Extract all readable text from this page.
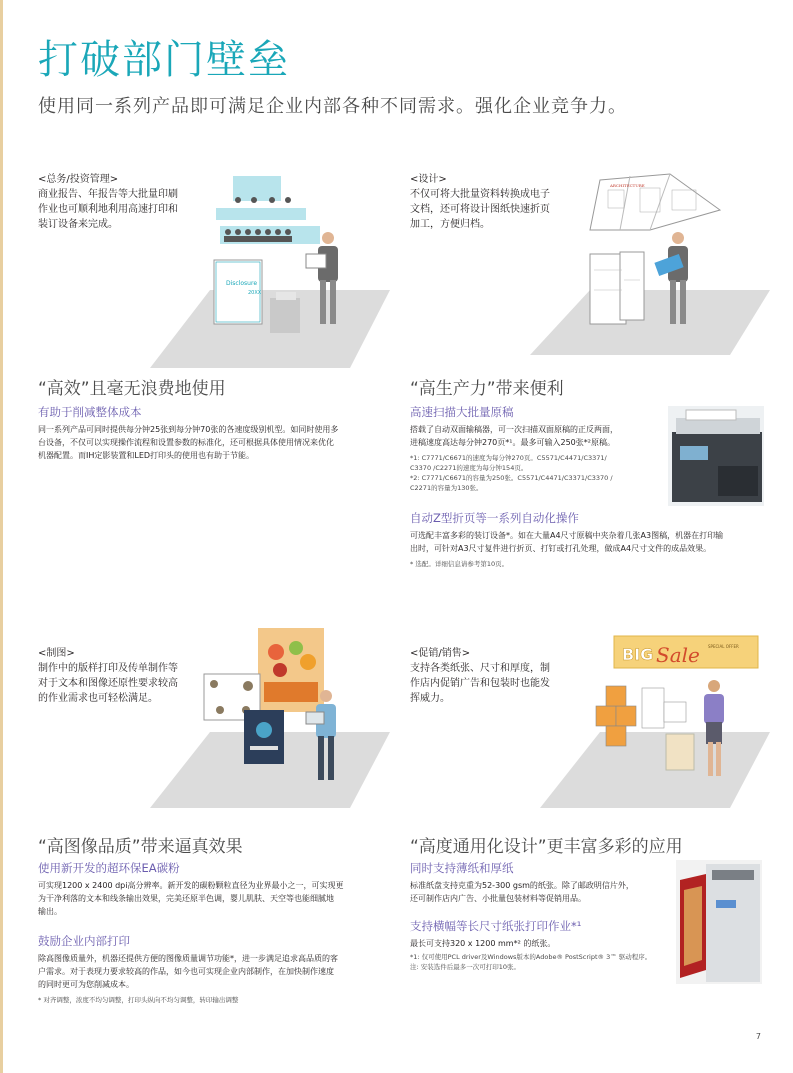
打破部门壁垒
使用同一系列产品即可满足企业内部各种不同需求。强化企业竞争力。
<总务/投资管理>
商业报告、年报告等大批量印刷
作业也可顺利地利用高速打印和
装订设备来完成。
Disclosure
20XX
<设计>
不仅可将大批量资料转换成电子
文档，还可将设计图纸快速折页
加工，方便归档。
ARCHITECTURE
“高效”且毫无浪费地使用
有助于削减整体成本
同一系列产品可同时提供每分钟25张到每分钟70张的各速度级别机型。如同时使用多
台设备，不仅可以实现操作流程和设置参数的标准化，还可根据具体使用情况来优化
机器配置。而IH定影装置和LED打印头的使用也有助于节能。
“高生产力”带来便利
高速扫描大批量原稿
搭载了自动双面输稿器，可一次扫描双面原稿的正反两面，
进稿速度高达每分钟270页*¹。最多可输入250张*²原稿。
*1: C7771/C6671的速度为每分钟270页。C5571/C4471/C3371/
C3370 /C2271的速度为每分钟154页。
*2: C7771/C6671的容量为250张。C5571/C4471/C3371/C3370 /
C2271的容量为130张。
自动Z型折页等一系列自动化操作
可选配丰富多彩的装订设备*。如在大量A4尺寸原稿中夹杂着几张A3图稿，机器在打印输
出时，可针对A3尺寸复件进行折页、打钉或打孔处理，做成A4尺寸文件的成品效果。
* 选配。详细信息请参考第10页。
<制图>
制作中的版样打印及传单制作等
对于文本和图像还原性要求较高
的作业需求也可轻松满足。
<促销/销售>
支持各类纸张、尺寸和厚度，制
作店内促销广告和包装时也能发
挥威力。
BIG Sale SPECIAL OFFER
“高图像品质”带来逼真效果
使用新开发的超环保EA碳粉
可实现1200 x 2400 dpi高分辨率。新开发的碳粉颗粒直径为业界最小之一，可实现更
为干净利落的文本和线条输出效果，完美还原半色调，婴儿肌肤、天空等也能细腻地
输出。
鼓励企业内部打印
除高图像质量外，机器还提供方便的图像质量调节功能*，进一步满足追求高品质的客
户需求。对于表现力要求较高的作品，如今也可实现企业内部制作，在加快制作速度
的同时更可为您削减成本。
* 对齐调整，浓度不均匀调整，打印头纵向不均匀调整，转印输出调整
“高度通用化设计”更丰富多彩的应用
同时支持薄纸和厚纸
标准纸盘支持克重为52-300 gsm的纸张。除了邮政明信片外，
还可制作店内广告、小批量包装材料等促销用品。
支持横幅等长尺寸纸张打印作业*¹
最长可支持320 x 1200 mm*² 的纸张。
*1: 仅可使用PCL driver及Windows版本的Adobe® PostScript® 3™ 驱动程序。
注: 安装选件后最多一次可打印10张。
7
